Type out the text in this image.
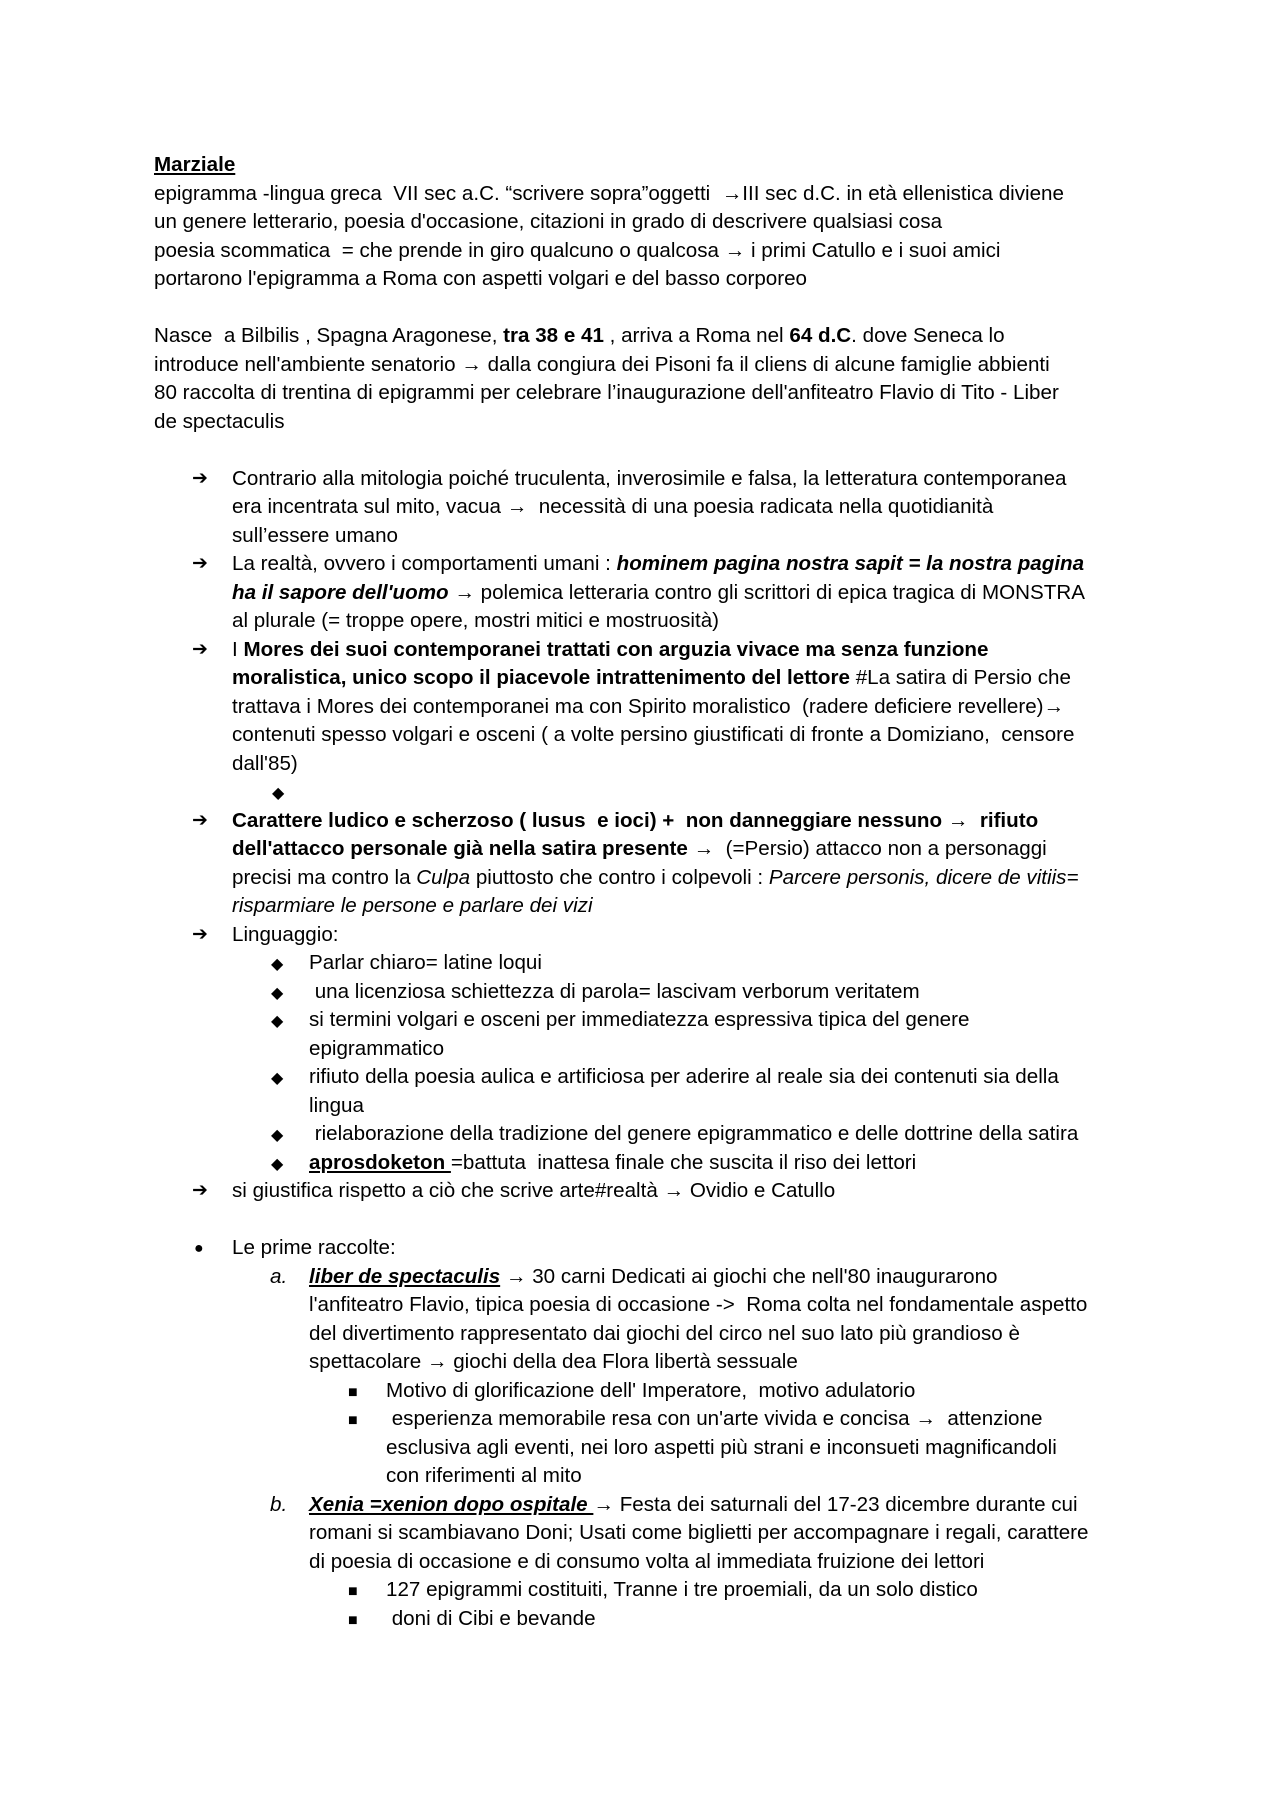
Marziale
epigramma -lingua greca  VII sec a.C. “scrivere sopra”oggetti  →III sec d.C. in età ellenistica diviene
un genere letterario, poesia d'occasione, citazioni in grado di descrivere qualsiasi cosa
poesia scommatica  = che prende in giro qualcuno o qualcosa → i primi Catullo e i suoi amici
portarono l'epigramma a Roma con aspetti volgari e del basso corporeo
Nasce  a Bilbilis , Spagna Aragonese, tra 38 e 41 , arriva a Roma nel 64 d.C. dove Seneca lo
introduce nell'ambiente senatorio → dalla congiura dei Pisoni fa il cliens di alcune famiglie abbienti
80 raccolta di trentina di epigrammi per celebrare l’inaugurazione dell'anfiteatro Flavio di Tito - Liber
de spectaculis
➔	Contrario alla mitologia poiché truculenta, inverosimile e falsa, la letteratura contemporanea
era incentrata sul mito, vacua →  necessità di una poesia radicata nella quotidianità
sull’essere umano
➔	La realtà, ovvero i comportamenti umani : hominem pagina nostra sapit = la nostra pagina
ha il sapore dell'uomo → polemica letteraria contro gli scrittori di epica tragica di MONSTRA
al plurale (= troppe opere, mostri mitici e mostruosità)
➔	I Mores dei suoi contemporanei trattati con arguzia vivace ma senza funzione
moralistica, unico scopo il piacevole intrattenimento del lettore #La satira di Persio che
trattava i Mores dei contemporanei ma con Spirito moralistico  (radere deficiere revellere)→
contenuti spesso volgari e osceni ( a volte persino giustificati di fronte a Domiziano,  censore
dall'85)
◆
➔	Carattere ludico e scherzoso ( lusus  e ioci) +  non danneggiare nessuno →  rifiuto
dell'attacco personale già nella satira presente →  (=Persio) attacco non a personaggi
precisi ma contro la Culpa piuttosto che contro i colpevoli : Parcere personis, dicere de vitiis=
risparmiare le persone e parlare dei vizi
➔	Linguaggio:
◆	Parlar chiaro= latine loqui
◆	una licenziosa schiettezza di parola= lascivam verborum veritatem
◆	si termini volgari e osceni per immediatezza espressiva tipica del genere
epigrammatico
◆	rifiuto della poesia aulica e artificiosa per aderire al reale sia dei contenuti sia della
lingua
◆	rielaborazione della tradizione del genere epigrammatico e delle dottrine della satira
◆	aprosdoketon =battuta  inattesa finale che suscita il riso dei lettori
➔	si giustifica rispetto a ciò che scrive arte#realtà → Ovidio e Catullo
●	Le prime raccolte:
a.	liber de spectaculis → 30 carni Dedicati ai giochi che nell'80 inaugurarono
l'anfiteatro Flavio, tipica poesia di occasione ->  Roma colta nel fondamentale aspetto
del divertimento rappresentato dai giochi del circo nel suo lato più grandioso è
spettacolare → giochi della dea Flora libertà sessuale
■	Motivo di glorificazione dell' Imperatore,  motivo adulatorio
■	esperienza memorabile resa con un'arte vivida e concisa →  attenzione
esclusiva agli eventi, nei loro aspetti più strani e inconsueti magnificandoli
con riferimenti al mito
b.	Xenia =xenion dopo ospitale → Festa dei saturnali del 17-23 dicembre durante cui
romani si scambiavano Doni; Usati come biglietti per accompagnare i regali, carattere
di poesia di occasione e di consumo volta al immediata fruizione dei lettori
■	127 epigrammi costituiti, Tranne i tre proemiali, da un solo distico
■	doni di Cibi e bevande
